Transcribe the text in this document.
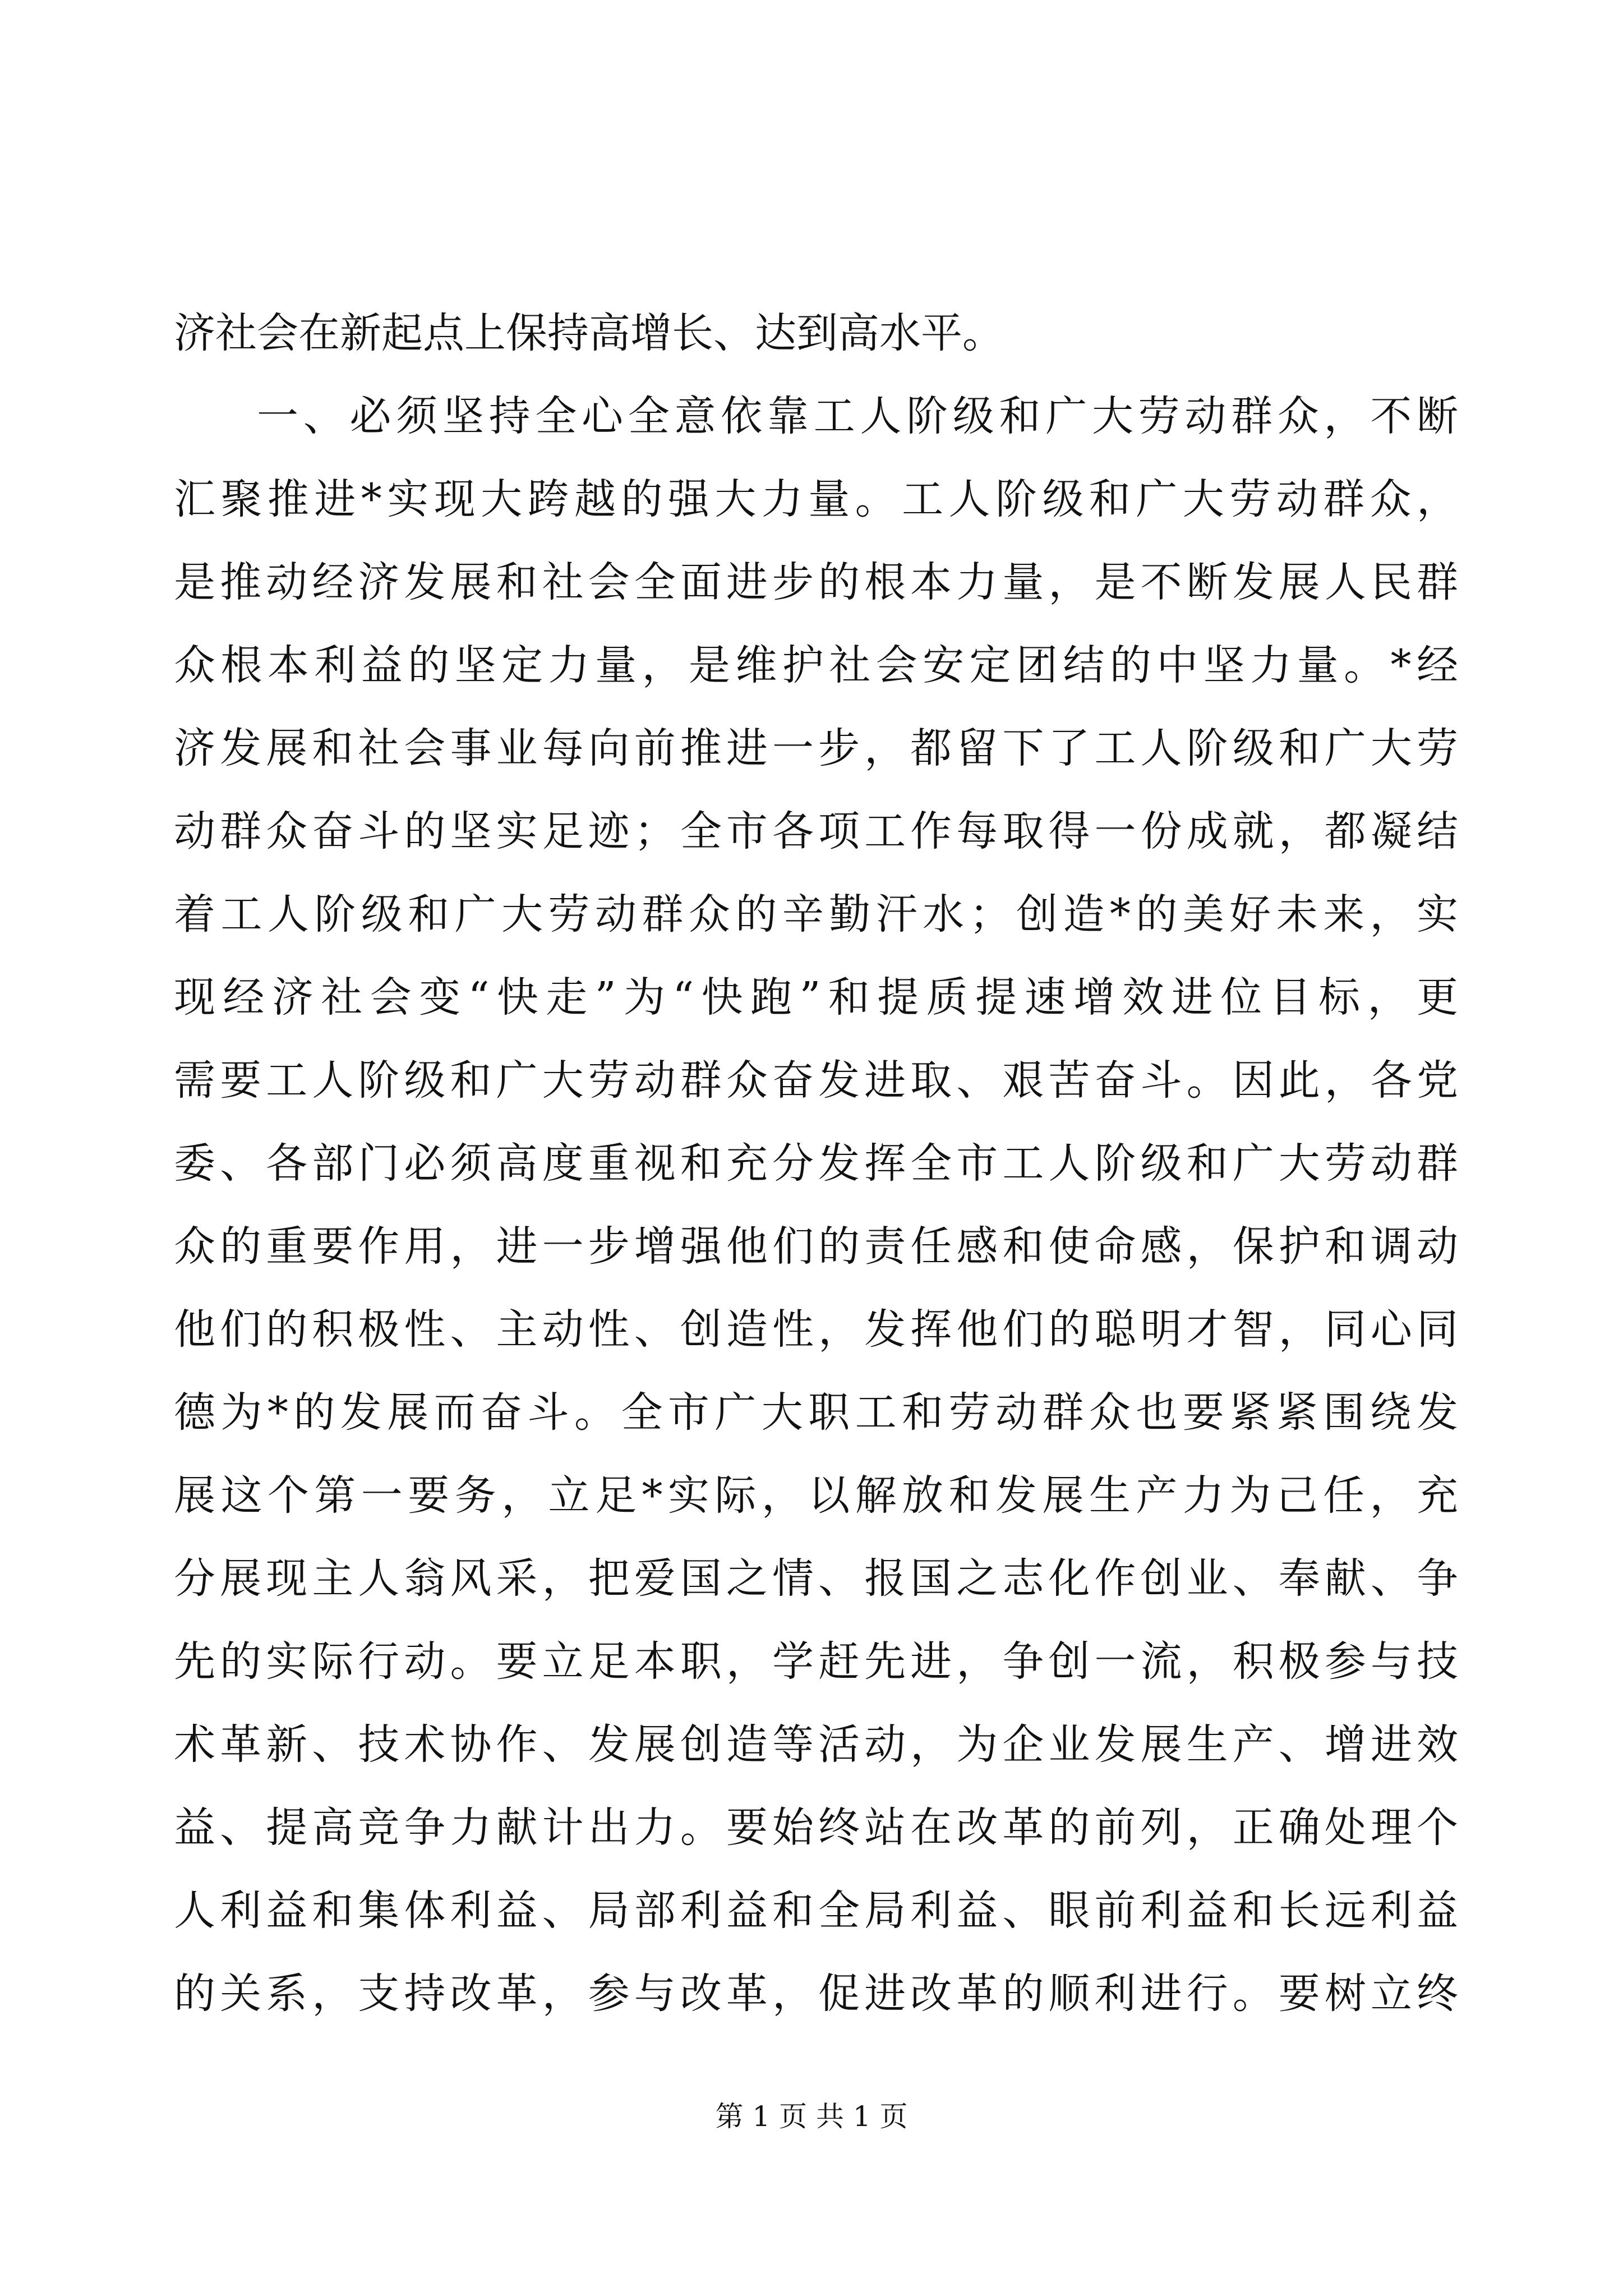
济社会在新起点上保持高增长、达到高水平。
一、必须坚持全心全意依靠工人阶级和广大劳动群众，不断
汇聚推进*实现大跨越的强大力量。工人阶级和广大劳动群众，
是推动经济发展和社会全面进步的根本力量，是不断发展人民群
众根本利益的坚定力量，是维护社会安定团结的中坚力量。*经
济发展和社会事业每向前推进一步，都留下了工人阶级和广大劳
动群众奋斗的坚实足迹；全市各项工作每取得一份成就，都凝结
着工人阶级和广大劳动群众的辛勤汗水；创造*的美好未来，实
现经济社会变“快走”为“快跑”和提质提速增效进位目标，更
需要工人阶级和广大劳动群众奋发进取、艰苦奋斗。因此，各党
委、各部门必须高度重视和充分发挥全市工人阶级和广大劳动群
众的重要作用，进一步增强他们的责任感和使命感，保护和调动
他们的积极性、主动性、创造性，发挥他们的聪明才智，同心同
德为*的发展而奋斗。全市广大职工和劳动群众也要紧紧围绕发
展这个第一要务，立足*实际，以解放和发展生产力为己任，充
分展现主人翁风采，把爱国之情、报国之志化作创业、奉献、争
先的实际行动。要立足本职，学赶先进，争创一流，积极参与技
术革新、技术协作、发展创造等活动，为企业发展生产、增进效
益、提高竞争力献计出力。要始终站在改革的前列，正确处理个
人利益和集体利益、局部利益和全局利益、眼前利益和长远利益
的关系，支持改革，参与改革，促进改革的顺利进行。要树立终
第 1 页 共 1 页
